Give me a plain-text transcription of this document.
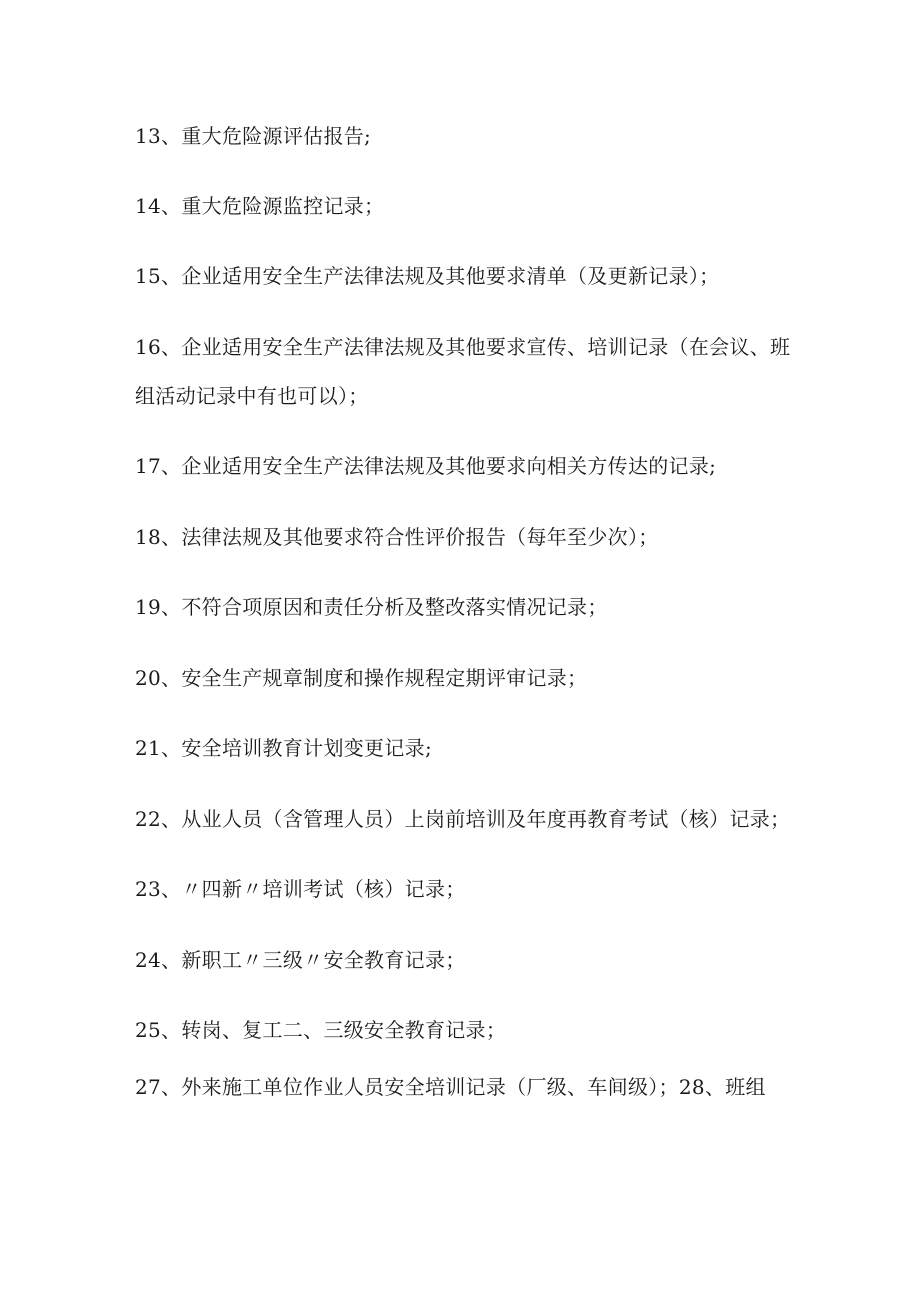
13、重大危险源评估报告;
14、重大危险源监控记录；
15、企业适用安全生产法律法规及其他要求清单（及更新记录）；
16、企业适用安全生产法律法规及其他要求宣传、培训记录（在会议、班
组活动记录中有也可以）；
17、企业适用安全生产法律法规及其他要求向相关方传达的记录;
18、法律法规及其他要求符合性评价报告（每年至少次）；
19、不符合项原因和责任分析及整改落实情况记录；
20、安全生产规章制度和操作规程定期评审记录；
21、安全培训教育计划变更记录;
22、从业人员（含管理人员）上岗前培训及年度再教育考试（核）记录；
23、〃四新〃培训考试（核）记录；
24、新职工〃三级〃安全教育记录；
25、转岗、复工二、三级安全教育记录；
27、外来施工单位作业人员安全培训记录（厂级、车间级）；28、班组
